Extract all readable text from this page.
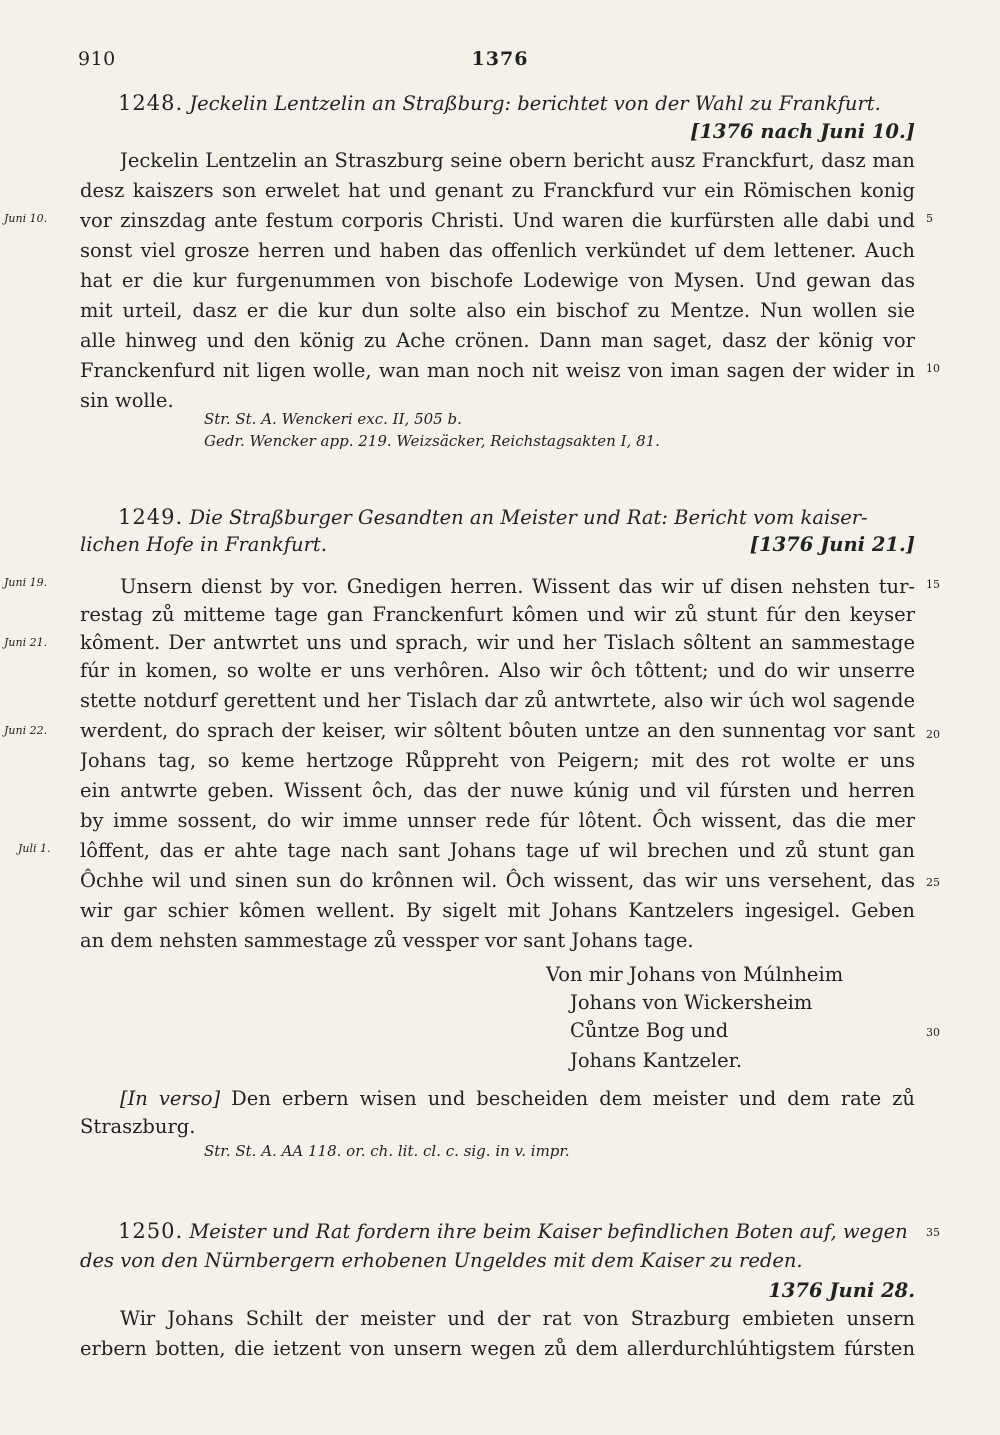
910	1376
1248. Jeckelin Lentzelin an Straßburg: berichtet von der Wahl zu Frankfurt.
[1376 nach Juni 10.]
Jeckelin Lentzelin an Straszburg seine obern bericht ausz Franckfurt, dasz man
desz kaiszers son erwelet hat und genant zu Franckfurd vur ein Römischen konig
vor zinszdag ante festum corporis Christi. Und waren die kurfürsten alle dabi und
sonst viel grosze herren und haben das offenlich verkündet uf dem lettener. Auch
hat er die kur furgenummen von bischofe Lodewige von Mysen. Und gewan das
mit urteil, dasz er die kur dun solte also ein bischof zu Mentze. Nun wollen sie
alle hinweg und den könig zu Ache crönen. Dann man saget, dasz der könig vor
Franckenfurd nit ligen wolle, wan man noch nit weisz von iman sagen der wider in
sin wolle.
Str. St. A. Wenckeri exc. II, 505 b.
Gedr. Wencker app. 219. Weizsäcker, Reichstagsakten I, 81.
1249. Die Straßburger Gesandten an Meister und Rat: Bericht vom kaiser-
lichen Hofe in Frankfurt.	[1376 Juni 21.]
Unsern dienst by vor. Gnedigen herren. Wissent das wir uf disen nehsten tur-
restag zů mitteme tage gan Franckenfurt kômen und wir zů stunt fúr den keyser
kôment. Der antwrtet uns und sprach, wir und her Tislach sôltent an sammestage
fúr in komen, so wolte er uns verhôren. Also wir ôch tôttent; und do wir unserre
stette notdurf gerettent und her Tislach dar zů antwrtete, also wir úch wol sagende
werdent, do sprach der keiser, wir sôltent bôuten untze an den sunnentag vor sant
Johans tag, so keme hertzoge Růppreht von Peigern; mit des rot wolte er uns
ein antwrte geben. Wissent ôch, das der nuwe kúnig und vil fúrsten und herren
by imme sossent, do wir imme unnser rede fúr lôtent. Ôch wissent, das die mer
lôffent, das er ahte tage nach sant Johans tage uf wil brechen und zů stunt gan
Ôchhe wil und sinen sun do krônnen wil. Ôch wissent, das wir uns versehent, das
wir gar schier kômen wellent. By sigelt mit Johans Kantzelers ingesigel. Geben
an dem nehsten sammestage zů vessper vor sant Johans tage.
Von mir Johans von Múlnheim
Johans von Wickersheim
Cůntze Bog und
Johans Kantzeler.
[In verso] Den erbern wisen und bescheiden dem meister und dem rate zů
Straszburg.
Str. St. A. AA 118. or. ch. lit. cl. c. sig. in v. impr.
1250. Meister und Rat fordern ihre beim Kaiser befindlichen Boten auf, wegen
des von den Nürnbergern erhobenen Ungeldes mit dem Kaiser zu reden.
1376 Juni 28.
Wir Johans Schilt der meister und der rat von Strazburg embieten unsern
erbern botten, die ietzent von unsern wegen zů dem allerdurchlúhtigstem fúrsten
Juni 10.
Juni 19.
Juni 21.
Juni 22.
Juli 1.
5
10
15
20
25
30
35
